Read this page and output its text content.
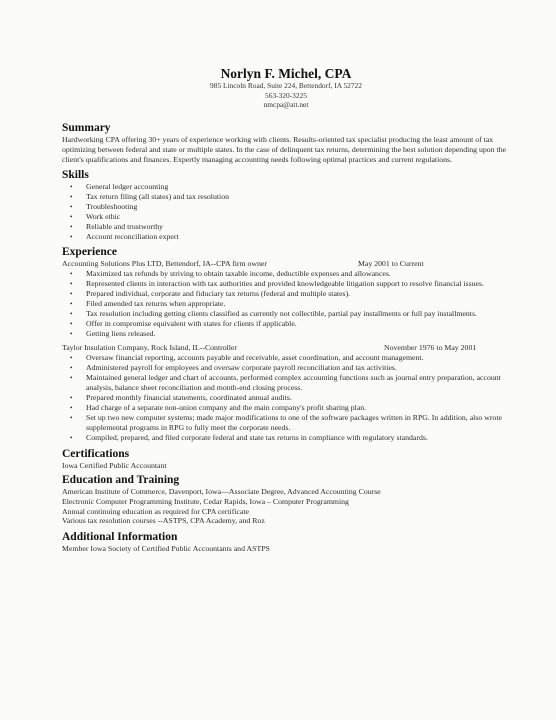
Norlyn F. Michel, CPA
985 Lincoln Road, Suite 224, Bettendorf, IA 52722
563-320-3225
nmcpa@att.net
Summary

Hardworking CPA offering 30+ years of experience working with clients. Results-oriented tax specialist producing the least amount of tax optimizing between federal and state or multiple states. In the case of delinquent tax returns, determining the best solution depending upon the client's qualifications and finances. Expertly managing accounting needs following optimal practices and current regulations.

Skills
• General ledger accounting
• Tax return filing (all states) and tax resolution
• Troubleshooting
• Work ethic
• Reliable and trustworthy
• Account reconciliation expert
Experience
Accounting Solutions Plus LTD, Bettendorf, IA--CPA firm owner	May 2001 to Current
• Maximized tax refunds by striving to obtain taxable income, deductible expenses and allowances.
• Represented clients in interaction with tax authorities and provided knowledgeable litigation support to resolve financial issues.
• Prepared individual, corporate and fiduciary tax returns (federal and multiple states).
• Filed amended tax returns when appropriate.
• Tax resolution including getting clients classified as currently not collectible, partial pay installments or full pay installments.
• Offer in compromise equivalent with states for clients if applicable.
• Getting liens released.
Taylor Insulation Company, Rock Island, IL--Controller	November 1976 to May 2001
• Oversaw financial reporting, accounts payable and receivable, asset coordination, and account management.
• Administered payroll for employees and oversaw corporate payroll reconciliation and tax activities.
• Maintained general ledger and chart of accounts, performed complex accounting functions such as journal entry preparation, account analysis, balance sheet reconciliation and month-end closing process.
• Prepared monthly financial statements, coordinated annual audits.
• Had charge of a separate non-union company and the main company's profit sharing plan.
• Set up two new computer systems; made major modifications to one of the software packages written in RPG. In addition, also wrote supplemental programs in RPG to fully meet the corporate needs.
• Compiled, prepared, and filed corporate federal and state tax returns in compliance with regulatory standards.
Certifications
Iowa Certified Public Accountant
Education and Training
American Institute of Commerce, Davenport, Iowa—Associate Degree, Advanced Accounting Course
Electronic Computer Programming Institute, Cedar Rapids, Iowa – Computer Programming
Annual continuing education as required for CPA certificate
Various tax resolution courses --ASTPS, CPA Academy, and Roz
Additional Information
Member Iowa Society of Certified Public Accountants and ASTPS
